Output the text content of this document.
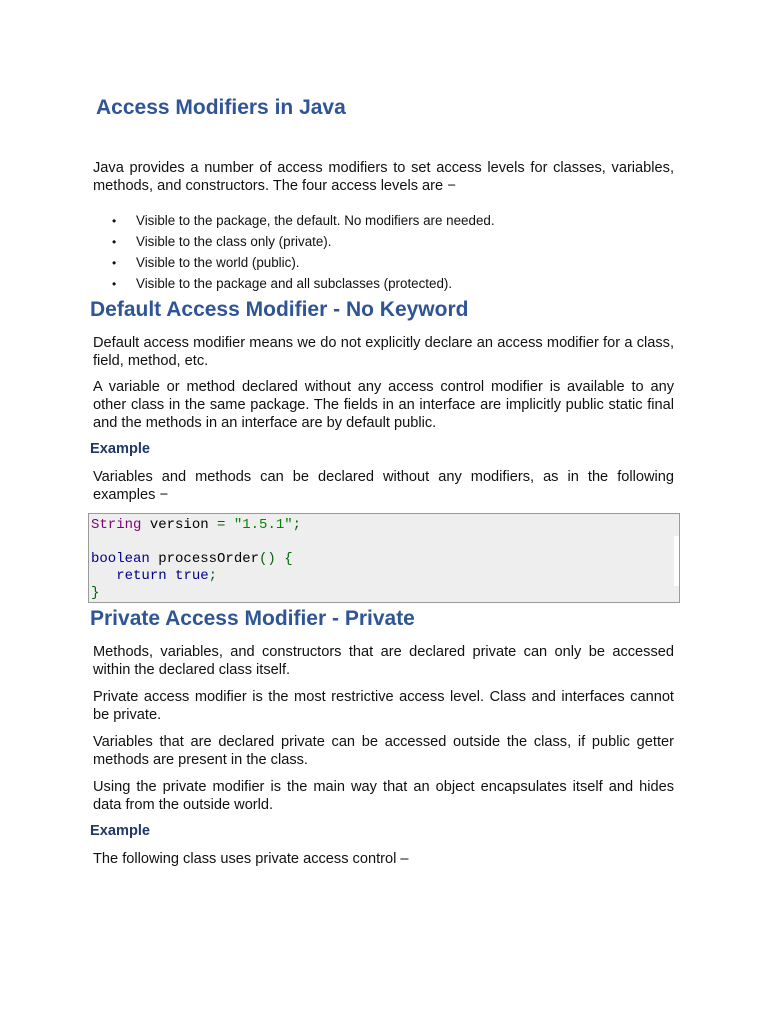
Access Modifiers in Java
Java provides a number of access modifiers to set access levels for classes, variables, methods, and constructors. The four access levels are −
• Visible to the package, the default. No modifiers are needed.
• Visible to the class only (private).
• Visible to the world (public).
• Visible to the package and all subclasses (protected).
Default Access Modifier - No Keyword
Default access modifier means we do not explicitly declare an access modifier for a class, field, method, etc.
A variable or method declared without any access control modifier is available to any other class in the same package. The fields in an interface are implicitly public static final and the methods in an interface are by default public.
Example
Variables and methods can be declared without any modifiers, as in the following examples −
String version = "1.5.1";

boolean processOrder() {
return true;
}
Private Access Modifier - Private
Methods, variables, and constructors that are declared private can only be accessed within the declared class itself.
Private access modifier is the most restrictive access level. Class and interfaces cannot be private.
Variables that are declared private can be accessed outside the class, if public getter methods are present in the class.
Using the private modifier is the main way that an object encapsulates itself and hides data from the outside world.
Example
The following class uses private access control –
